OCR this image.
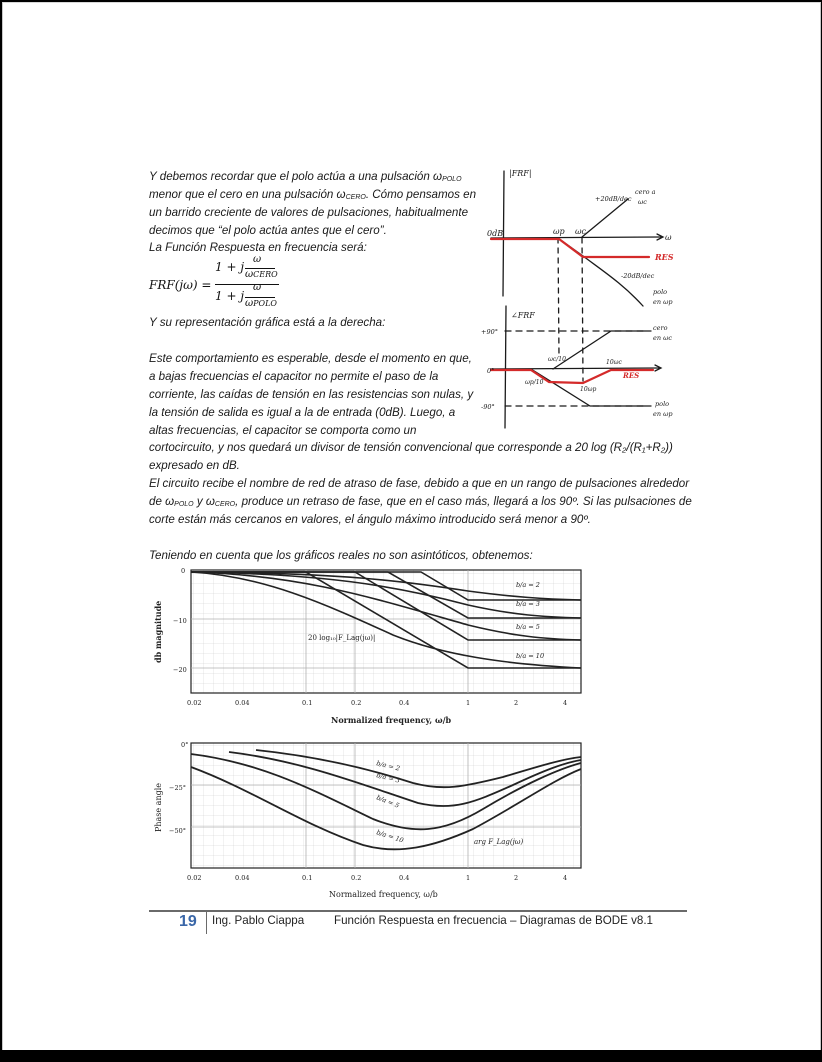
Y debemos recordar que el polo actúa a una pulsación ωPOLO
menor que el cero en una pulsación ωCERO. Cómo pensamos en
un barrido creciente de valores de pulsaciones, habitualmente
decimos que “el polo actúa antes que el cero”.
La Función Respuesta en frecuencia será:
FRF(jω) =
1 + j
ω
ωCERO
1 + j
ω
ωPOLO
Y su representación gráfica está a la derecha:
Este comportamiento es esperable, desde el momento en que,
a bajas frecuencias el capacitor no permite el paso de la
corriente, las caídas de tensión en las resistencias son nulas, y
la tensión de salida es igual a la de entrada (0dB). Luego, a
altas frecuencias, el capacitor se comporta como un
cortocircuito, y nos quedará un divisor de tensión convencional que corresponde a 20 log (R₂/(R₁+R₂))
expresado en dB.
El circuito recibe el nombre de red de atraso de fase, debido a que en un rango de pulsaciones alrededor
de ωPOLO y ωCERO, produce un retraso de fase, que en el caso más, llegará a los 90º. Si las pulsaciones de
corte están más cercanos en valores, el ángulo máximo introducido será menor a 90º.
Teniendo en cuenta que los gráficos reales no son asintóticos, obtenemos:
|FRF|
0dB	ω
ωp ωc
+20dB/dec
cero a
ωc
RES
-20dB/dec
polo
en ωp
∠FRF
+90°
0°
-90°
ωc/10
ωp/10
10ωc
10ωp
RES
cero
en ωc
polo
en ωp
0
−10
−20
0.02	0.04	0.1	0.2	0.4	1	2	4
20 log₁₀|F_Lag(jω)|
b/a = 2
b/a = 3
b/a = 5
b/a = 10
Normalized frequency, ω/b
db magnitude
0°
−25°
−50°
0.02	0.04	0.1	0.2	0.4	1	2	4
arg F_Lag(jω)
b/a = 2
b/a = 3
b/a = 5
b/a = 10
Normalized frequency, ω/b
Phase angle
19 Ing. Pablo Ciappa	Función Respuesta en frecuencia – Diagramas de BODE v8.1
